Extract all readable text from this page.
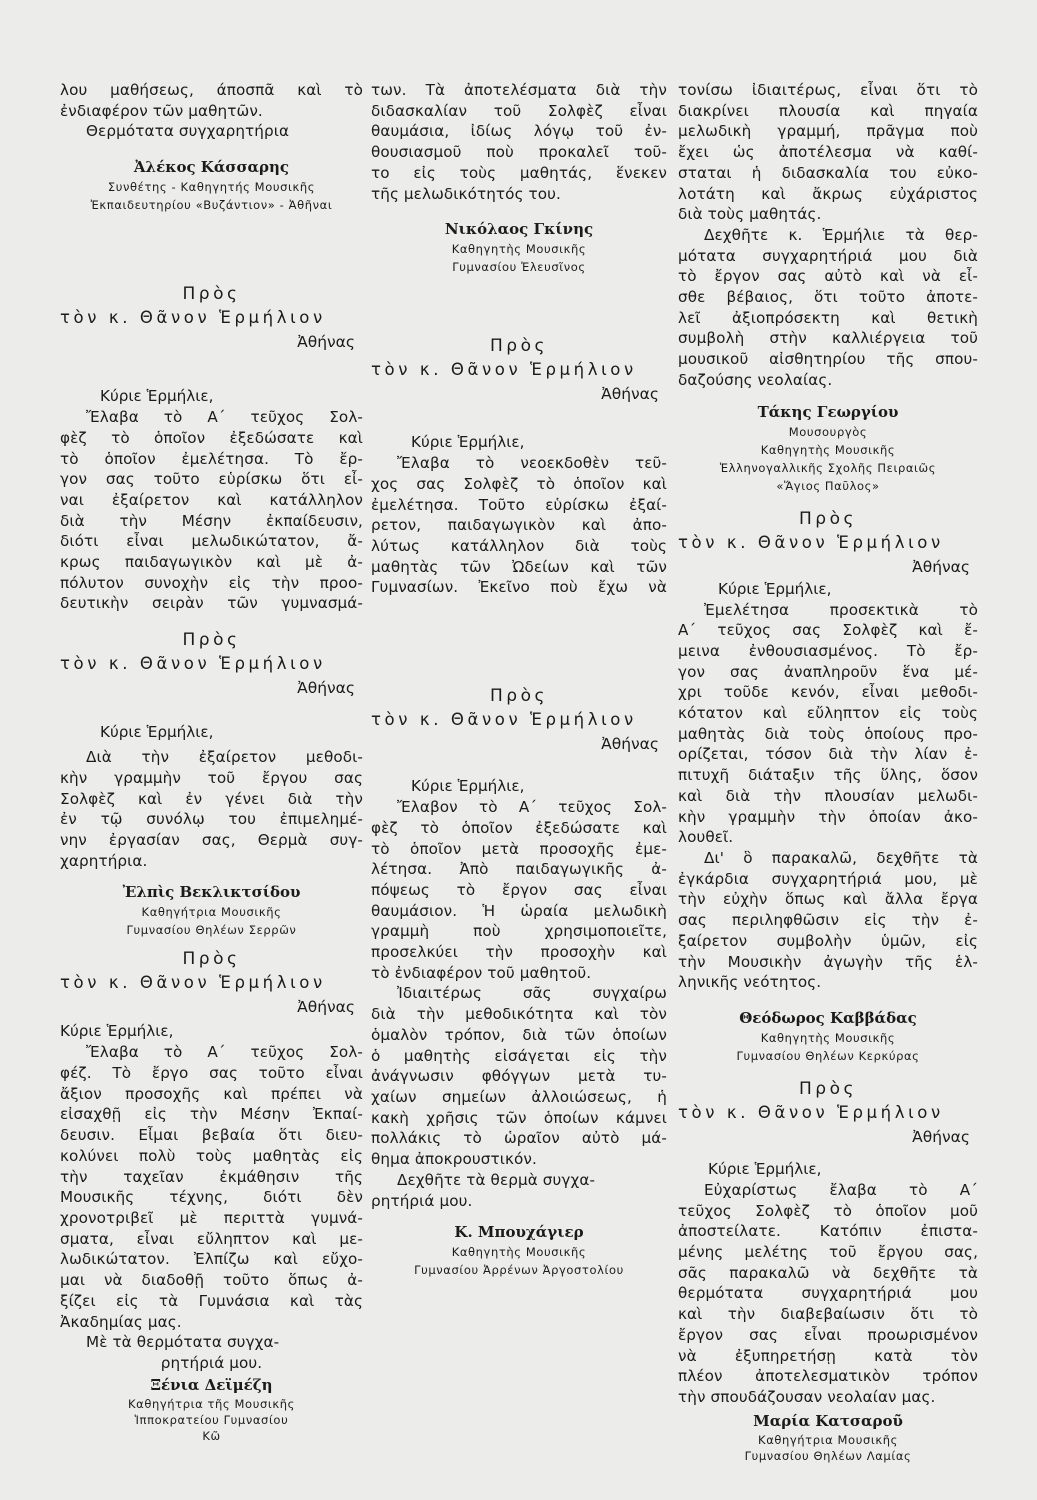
λου μαθήσεως, άποσπᾶ καὶ τὸ
ἐνδιαφέρον τῶν μαθητῶν.
Θερμότατα συγχαρητήρια
Ἀλέκος Κάσσαρης
Συνθέτης - Καθηγητής Μουσικῆς
Ἐκπαιδευτηρίου «Βυζάντιον» - Ἀθῆναι
Πρὸς
τὸν κ. Θᾶνον Ἑρμήλιον
Ἀθήνας
Κύριε Ἑρμήλιε,
Ἔλαβα τὸ Α΄ τεῦχος Σολ-
φὲζ τὸ ὁποῖον ἐξεδώσατε καὶ
τὸ ὁποῖον ἐμελέτησα. Τὸ ἔρ-
γον σας τοῦτο εὑρίσκω ὅτι εἶ-
ναι ἐξαίρετον καὶ κατάλληλον
διὰ τὴν Μέσην ἐκπαίδευσιν,
διότι εἶναι μελωδικώτατον, ἄ-
κρως παιδαγωγικὸν καὶ μὲ ἀ-
πόλυτον συνοχὴν εἰς τὴν προο-
δευτικὴν σειρὰν τῶν γυμνασμά-
Πρὸς
τὸν κ. Θᾶνον Ἑρμήλιον
Ἀθήνας
Κύριε Ἑρμήλιε,
Διὰ τὴν ἐξαίρετον μεθοδι-
κὴν γραμμὴν τοῦ ἔργου σας
Σολφὲζ καὶ ἐν γένει διὰ τὴν
ἐν τῷ συνόλῳ του ἐπιμελημέ-
νην ἐργασίαν σας, Θερμὰ συγ-
χαρητήρια.
Ἐλπὶς Βεκλικτσίδου
Καθηγήτρια Μουσικῆς
Γυμνασίου Θηλέων Σερρῶν
Πρὸς
τὸν κ. Θᾶνον Ἑρμήλιον
Ἀθήνας
Κύριε Ἑρμήλιε,
Ἔλαβα τὸ Α΄ τεῦχος Σολ-
φέζ. Τὸ ἔργο σας τοῦτο εἶναι
ἄξιον προσοχῆς καὶ πρέπει νὰ
εἰσαχθῇ εἰς τὴν Μέσην Ἐκπαί-
δευσιν. Εἶμαι βεβαία ὅτι διευ-
κολύνει πολὺ τοὺς μαθητὰς εἰς
τὴν ταχεῖαν ἐκμάθησιν τῆς
Μουσικῆς τέχνης, διότι δὲν
χρονοτριβεῖ μὲ περιττὰ γυμνά-
σματα, εἶναι εὔληπτον καὶ με-
λωδικώτατον. Ἐλπίζω καὶ εὔχο-
μαι νὰ διαδοθῇ τοῦτο ὅπως ἀ-
ξίζει εἰς τὰ Γυμνάσια καὶ τὰς
Ἀκαδημίας μας.
Μὲ τὰ θερμότατα συγχα-
ρητήριά μου.
Ξένια Δεϊμέζη
Καθηγήτρια τῆς Μουσικῆς
Ἱπποκρατείου Γυμνασίου
Κῶ
των. Τὰ ἀποτελέσματα διὰ τὴν
διδασκαλίαν τοῦ Σολφὲζ εἶναι
θαυμάσια, ἰδίως λόγῳ τοῦ ἐν-
θουσιασμοῦ ποὺ προκαλεῖ τοῦ-
το εἰς τοὺς μαθητάς, ἕνεκεν
τῆς μελωδικότητός του.
Νικόλαος Γκίνης
Καθηγητὴς Μουσικῆς
Γυμνασίου Ἐλευσῖνος
Πρὸς
τὸν κ. Θᾶνον Ἑρμήλιον
Ἀθήνας
Κύριε Ἑρμήλιε,
Ἔλαβα τὸ νεοεκδοθὲν τεῦ-
χος σας Σολφὲζ τὸ ὁποῖον καὶ
ἐμελέτησα. Τοῦτο εὑρίσκω ἐξαί-
ρετον, παιδαγωγικὸν καὶ ἀπο-
λύτως κατάλληλον διὰ τοὺς
μαθητὰς τῶν Ὠδείων καὶ τῶν
Γυμνασίων. Ἐκεῖνο ποὺ ἔχω νὰ
Πρὸς
τὸν κ. Θᾶνον Ἑρμήλιον
Ἀθήνας
Κύριε Ἑρμήλιε,
Ἔλαβον τὸ Α΄ τεῦχος Σολ-
φὲζ τὸ ὁποῖον ἐξεδώσατε καὶ
τὸ ὁποῖον μετὰ προσοχῆς ἐμε-
λέτησα. Ἀπὸ παιδαγωγικῆς ἀ-
πόψεως τὸ ἔργον σας εἶναι
θαυμάσιον. Ἡ ὡραία μελωδικὴ
γραμμὴ ποὺ χρησιμοποιεῖτε,
προσελκύει τὴν προσοχὴν καὶ
τὸ ἐνδιαφέρον τοῦ μαθητοῦ.
Ἰδιαιτέρως σᾶς συγχαίρω
διὰ τὴν μεθοδικότητα καὶ τὸν
ὁμαλὸν τρόπον, διὰ τῶν ὁποίων
ὁ μαθητὴς εἰσάγεται εἰς τὴν
ἀνάγνωσιν φθόγγων μετὰ τυ-
χαίων σημείων ἀλλοιώσεως, ἡ
κακὴ χρῆσις τῶν ὁποίων κάμνει
πολλάκις τὸ ὡραῖον αὐτὸ μά-
θημα ἀποκρουστικόν.
Δεχθῆτε τὰ θερμὰ συγχα-
ρητήριά μου.
Κ. Μπουχάγιερ
Καθηγητὴς Μουσικῆς
Γυμνασίου Ἀρρένων Ἀργοστολίου
τονίσω ἰδιαιτέρως, εἶναι ὅτι τὸ
διακρίνει πλουσία καὶ πηγαία
μελωδικὴ γραμμή, πρᾶγμα ποὺ
ἔχει ὡς ἀποτέλεσμα νὰ καθί-
σταται ἡ διδασκαλία του εὐκο-
λοτάτη καὶ ἄκρως εὐχάριστος
διὰ τοὺς μαθητάς.
Δεχθῆτε κ. Ἑρμήλιε τὰ θερ-
μότατα συγχαρητήριά μου διὰ
τὸ ἔργον σας αὐτὸ καὶ νὰ εἶ-
σθε βέβαιος, ὅτι τοῦτο ἀποτε-
λεῖ ἀξιοπρόσεκτη καὶ θετικὴ
συμβολὴ στὴν καλλιέργεια τοῦ
μουσικοῦ αἰσθητηρίου τῆς σπου-
δαζούσης νεολαίας.
Τάκης Γεωργίου
Μουσουργὸς
Καθηγητὴς Μουσικῆς
Ἑλληνογαλλικῆς Σχολῆς Πειραιῶς
«Ἅγιος Παῦλος»
Πρὸς
τὸν κ. Θᾶνον Ἑρμήλιον
Ἀθήνας
Κύριε Ἑρμήλιε,
Ἐμελέτησα προσεκτικὰ τὸ
Α΄ τεῦχος σας Σολφὲζ καὶ ἔ-
μεινα ἐνθουσιασμένος. Τὸ ἔρ-
γον σας ἀναπληροῦν ἕνα μέ-
χρι τοῦδε κενόν, εἶναι μεθοδι-
κότατον καὶ εὔληπτον εἰς τοὺς
μαθητὰς διὰ τοὺς ὁποίους προ-
ορίζεται, τόσον διὰ τὴν λίαν ἐ-
πιτυχῆ διάταξιν τῆς ὕλης, ὅσον
καὶ διὰ τὴν πλουσίαν μελωδι-
κὴν γραμμὴν τὴν ὁποίαν ἀκο-
λουθεῖ.
Δι' ὃ παρακαλῶ, δεχθῆτε τὰ
ἐγκάρδια συγχαρητήριά μου, μὲ
τὴν εὐχὴν ὅπως καὶ ἄλλα ἔργα
σας περιληφθῶσιν εἰς τὴν ἐ-
ξαίρετον συμβολὴν ὑμῶν, εἰς
τὴν Μουσικὴν ἀγωγὴν τῆς ἑλ-
ληνικῆς νεότητος.
Θεόδωρος Καββάδας
Καθηγητὴς Μουσικῆς
Γυμνασίου Θηλέων Κερκύρας
Πρὸς
τὸν κ. Θᾶνον Ἑρμήλιον
Ἀθήνας
Κύριε Ἑρμήλιε,
Εὐχαρίστως ἔλαβα τὸ Α΄
τεῦχος Σολφὲζ τὸ ὁποῖον μοῦ
ἀποστείλατε. Κατόπιν ἐπιστα-
μένης μελέτης τοῦ ἔργου σας,
σᾶς παρακαλῶ νὰ δεχθῆτε τὰ
θερμότατα συγχαρητήριά μου
καὶ τὴν διαβεβαίωσιν ὅτι τὸ
ἔργον σας εἶναι προωρισμένον
νὰ ἐξυπηρετήσῃ κατὰ τὸν
πλέον ἀποτελεσματικὸν τρόπον
τὴν σπουδάζουσαν νεολαίαν μας.
Μαρία Κατσαροῦ
Καθηγήτρια Μουσικῆς
Γυμνασίου Θηλέων Λαμίας
